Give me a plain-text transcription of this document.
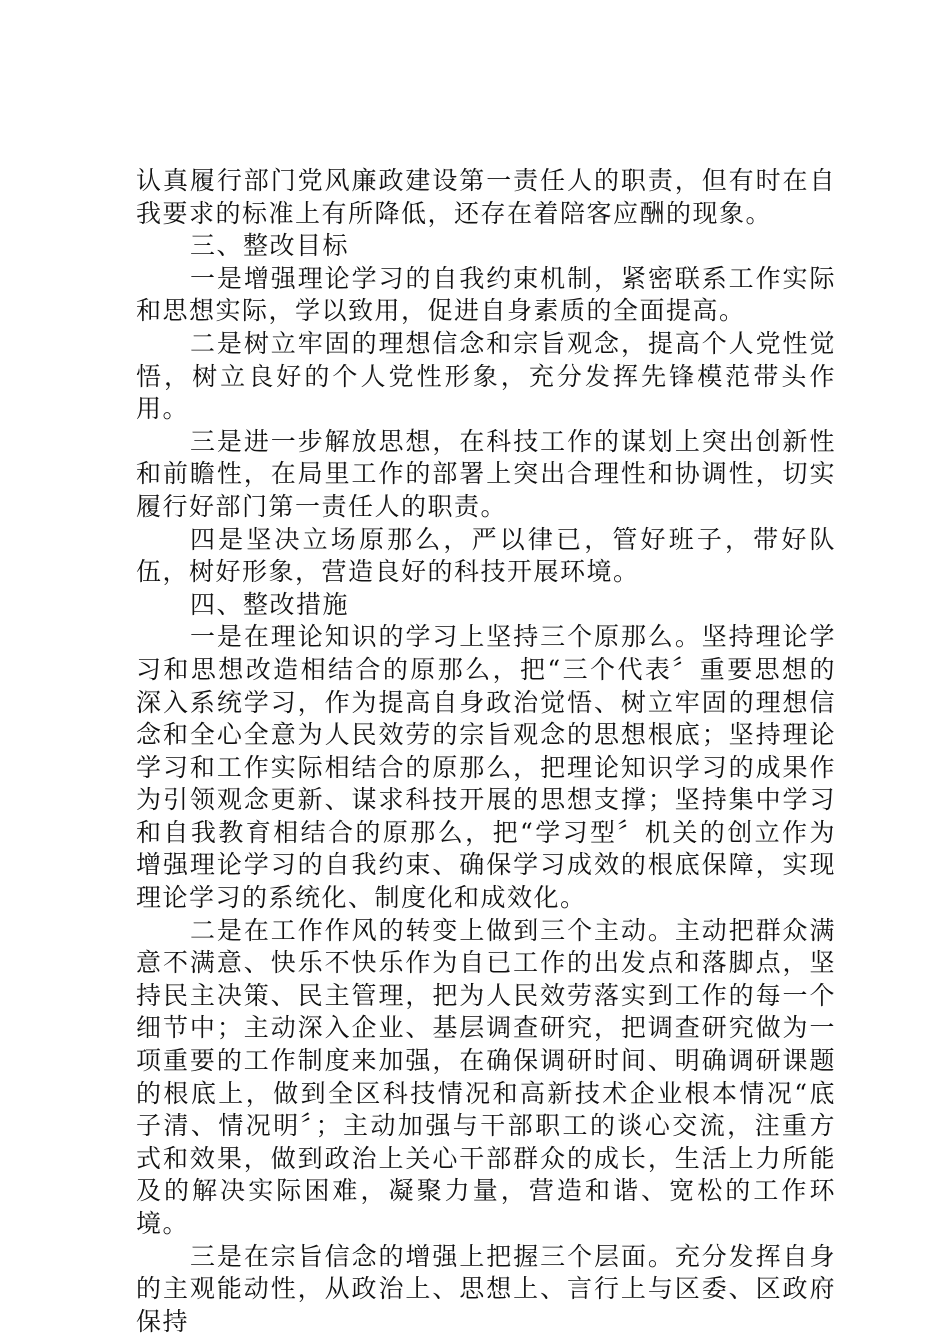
认真履行部门党风廉政建设第一责任人的职责，但有时在自我要求的标准上有所降低，还存在着陪客应酬的现象。

三、整改目标

一是增强理论学习的自我约束机制，紧密联系工作实际和思想实际，学以致用，促进自身素质的全面提高。

二是树立牢固的理想信念和宗旨观念，提高个人党性觉悟，树立良好的个人党性形象，充分发挥先锋模范带头作用。

三是进一步解放思想，在科技工作的谋划上突出创新性和前瞻性，在局里工作的部署上突出合理性和协调性，切实履行好部门第一责任人的职责。

四是坚决立场原那么，严以律已，管好班子，带好队伍，树好形象，营造良好的科技开展环境。

四、整改措施

一是在理论知识的学习上坚持三个原那么。坚持理论学习和思想改造相结合的原那么，把“三个代表〞重要思想的深入系统学习，作为提高自身政治觉悟、树立牢固的理想信念和全心全意为人民效劳的宗旨观念的思想根底；坚持理论学习和工作实际相结合的原那么，把理论知识学习的成果作为引领观念更新、谋求科技开展的思想支撑；坚持集中学习和自我教育相结合的原那么，把“学习型〞机关的创立作为增强理论学习的自我约束、确保学习成效的根底保障，实现理论学习的系统化、制度化和成效化。

二是在工作作风的转变上做到三个主动。主动把群众满意不满意、快乐不快乐作为自已工作的出发点和落脚点，坚持民主决策、民主管理，把为人民效劳落实到工作的每一个细节中；主动深入企业、基层调查研究，把调查研究做为一项重要的工作制度来加强，在确保调研时间、明确调研课题的根底上，做到全区科技情况和高新技术企业根本情况“底子清、情况明〞；主动加强与干部职工的谈心交流，注重方式和效果，做到政治上关心干部群众的成长，生活上力所能及的解决实际困难，凝聚力量，营造和谐、宽松的工作环境。

三是在宗旨信念的增强上把握三个层面。充分发挥自身的主观能动性，从政治上、思想上、言行上与区委、区政府保持
